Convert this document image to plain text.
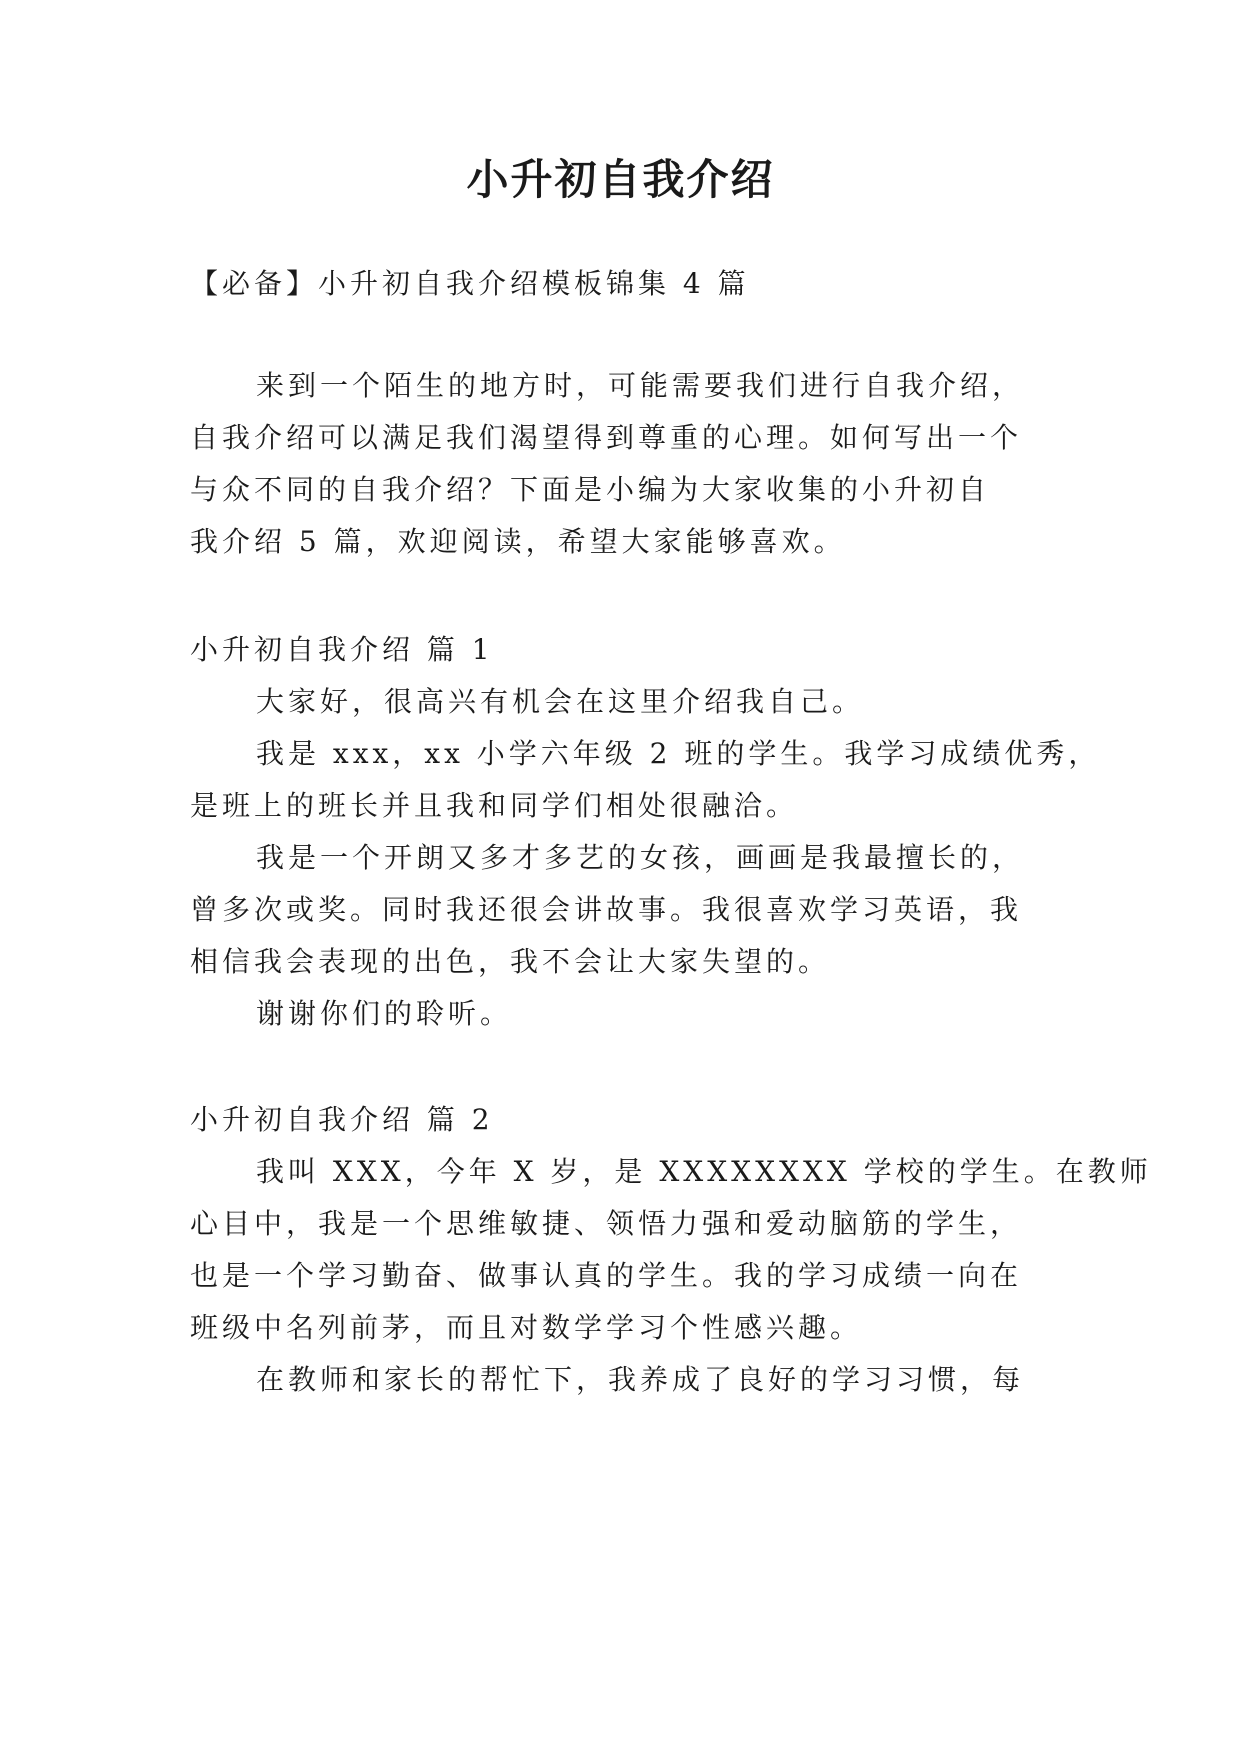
小升初自我介绍
【必备】小升初自我介绍模板锦集 4 篇
来到一个陌生的地方时，可能需要我们进行自我介绍，
自我介绍可以满足我们渴望得到尊重的心理。如何写出一个
与众不同的自我介绍？下面是小编为大家收集的小升初自
我介绍 5 篇，欢迎阅读，希望大家能够喜欢。
小升初自我介绍 篇 1
大家好，很高兴有机会在这里介绍我自己。
我是 xxx，xx 小学六年级 2 班的学生。我学习成绩优秀，
是班上的班长并且我和同学们相处很融洽。
我是一个开朗又多才多艺的女孩，画画是我最擅长的，
曾多次或奖。同时我还很会讲故事。我很喜欢学习英语，我
相信我会表现的出色，我不会让大家失望的。
谢谢你们的聆听。
小升初自我介绍 篇 2
我叫 XXX，今年 X 岁，是 XXXXXXXX 学校的学生。在教师
心目中，我是一个思维敏捷、领悟力强和爱动脑筋的学生，
也是一个学习勤奋、做事认真的学生。我的学习成绩一向在
班级中名列前茅，而且对数学学习个性感兴趣。
在教师和家长的帮忙下，我养成了良好的学习习惯，每
